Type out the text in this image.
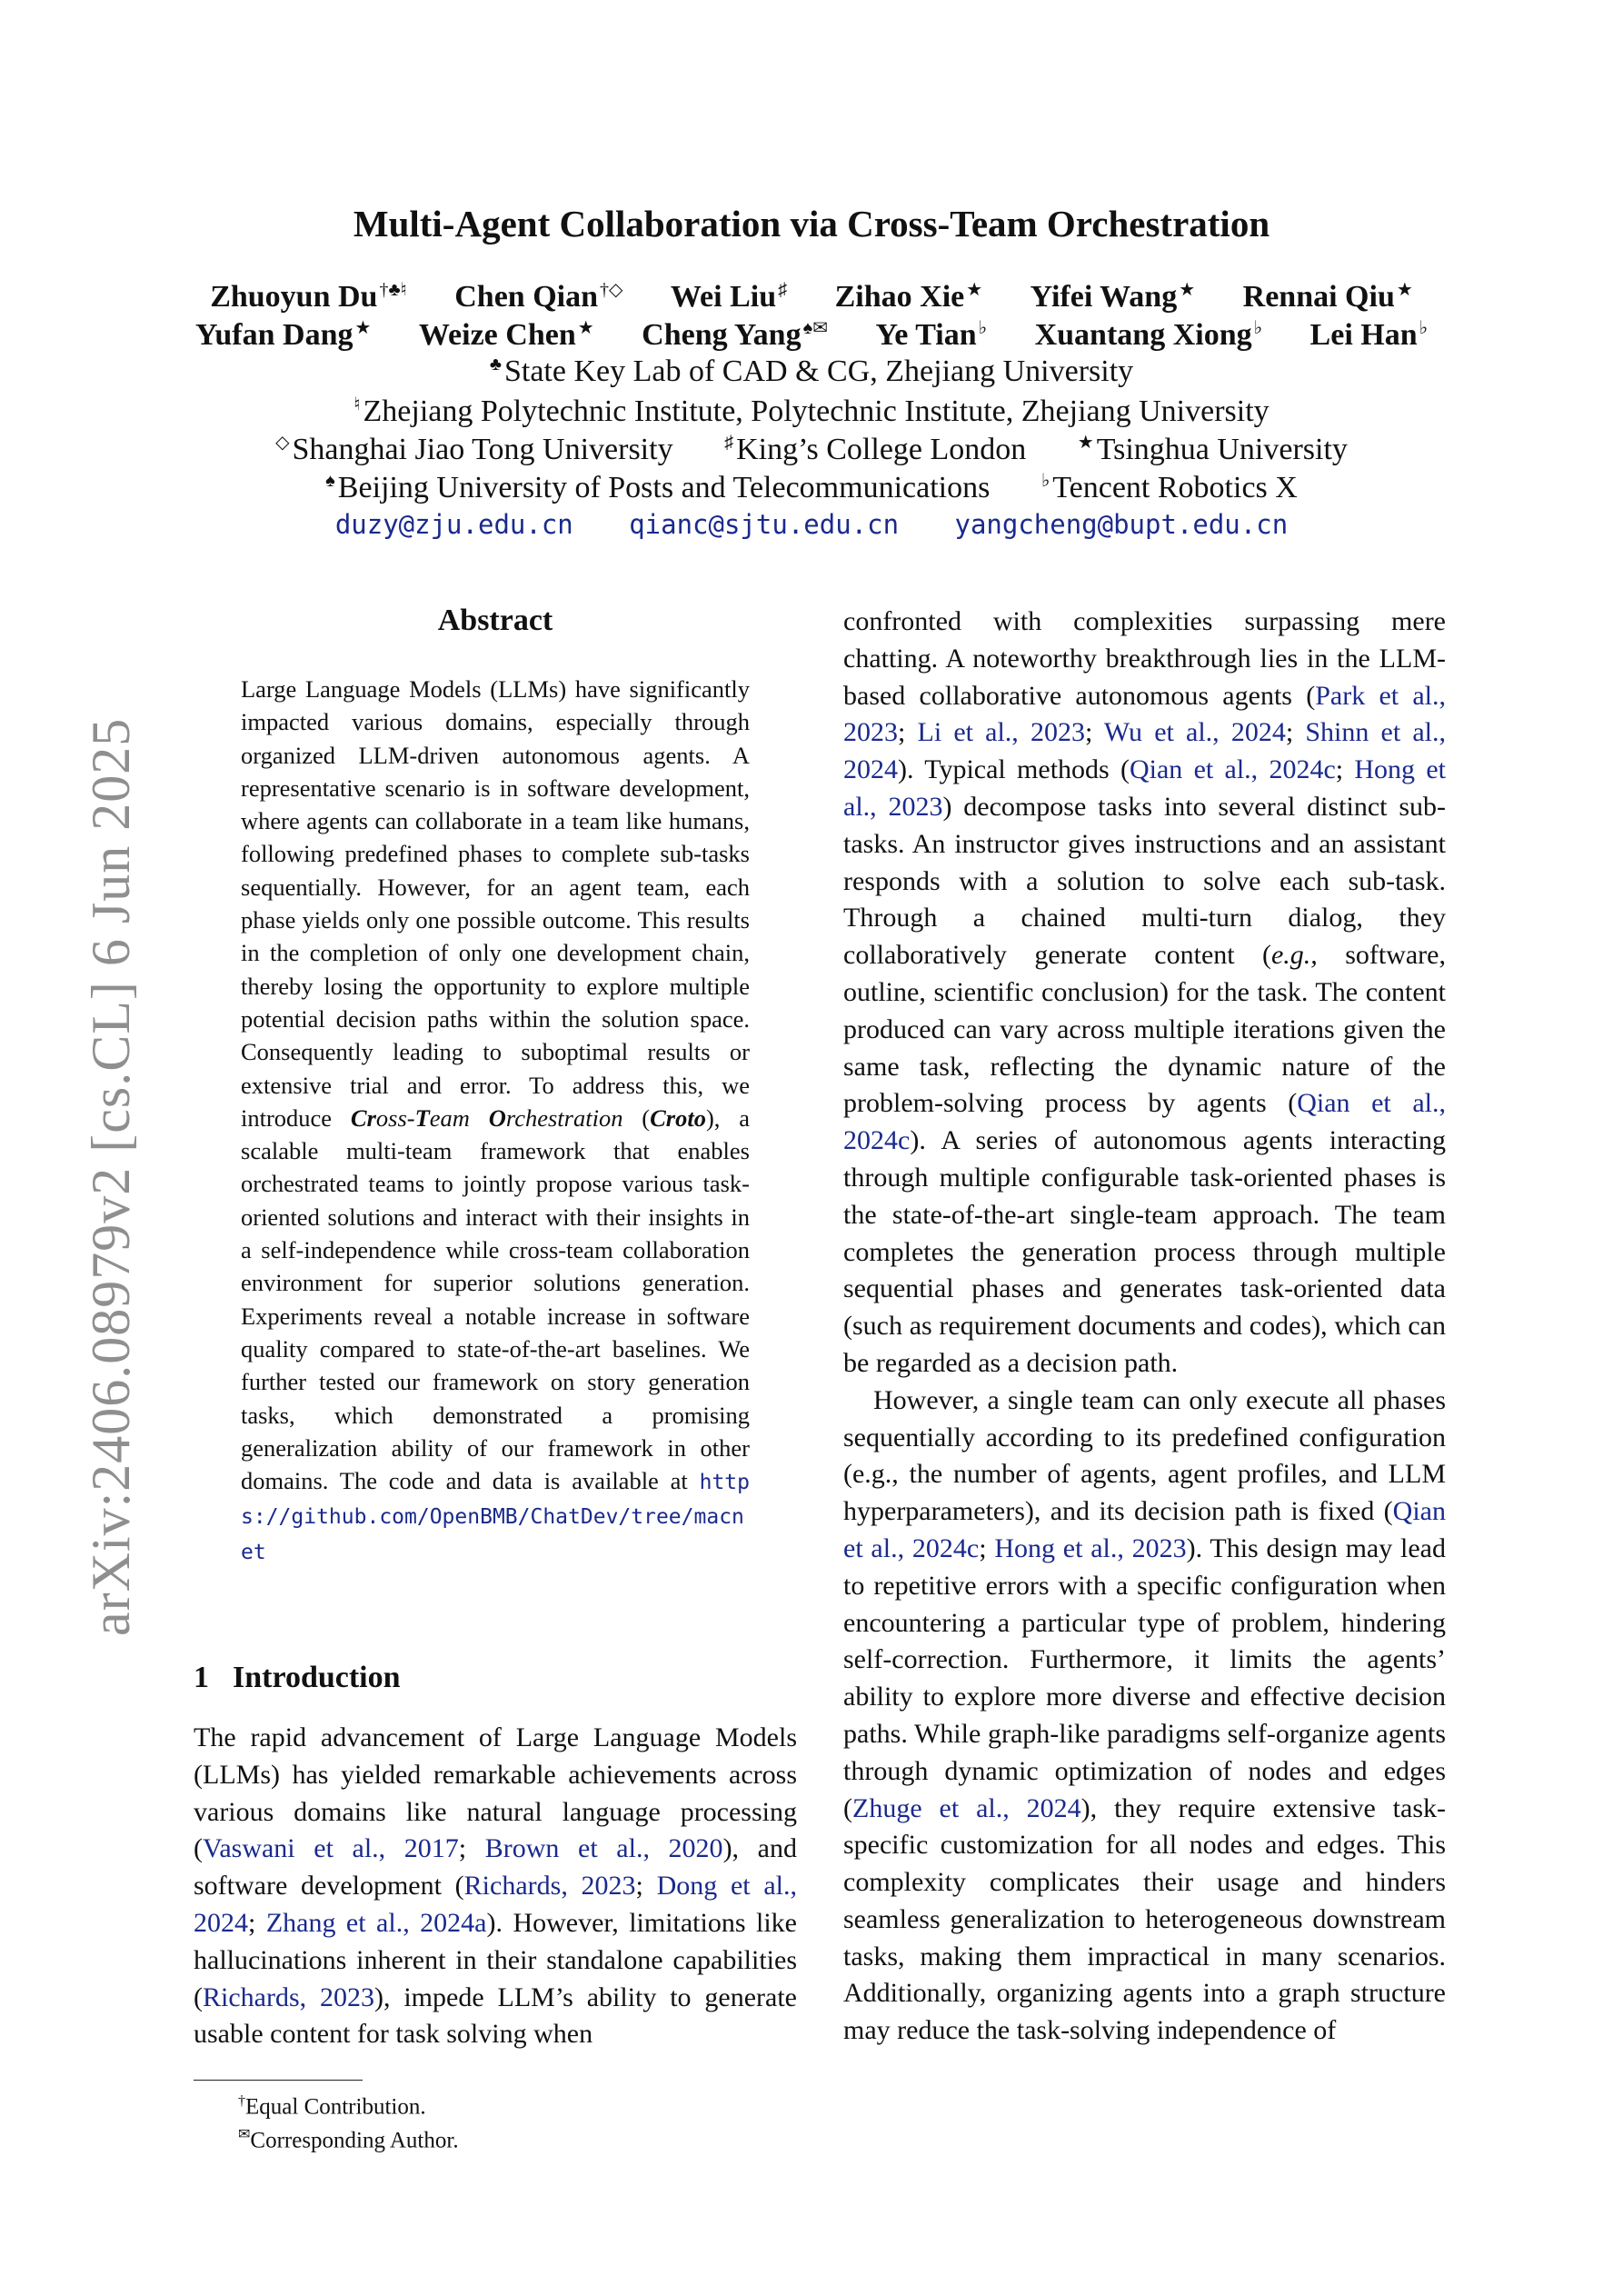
arXiv:2406.08979v2 [cs.CL] 6 Jun 2025
Multi-Agent Collaboration via Cross-Team Orchestration
Zhuoyun Du †♣♮ Chen Qian †◇ Wei Liu ♯ Zihao Xie ★ Yifei Wang ★ Rennai Qiu ★
Yufan Dang ★ Weize Chen ★ Cheng Yang ♠✉ Ye Tian ♭ Xuantang Xiong ♭ Lei Han ♭
♣State Key Lab of CAD & CG, Zhejiang University
♮Zhejiang Polytechnic Institute, Polytechnic Institute, Zhejiang University
◇Shanghai Jiao Tong University	♯King’s College London	★Tsinghua University
♠Beijing University of Posts and Telecommunications	♭Tencent Robotics X
duzy@zju.edu.cn qianc@sjtu.edu.cn yangcheng@bupt.edu.cn
Abstract
Large Language Models (LLMs) have significantly impacted various domains, especially through organized LLM-driven autonomous agents. A representative scenario is in software development, where agents can collaborate in a team like humans, following predefined phases to complete sub-tasks sequentially. However, for an agent team, each phase yields only one possible outcome. This results in the completion of only one development chain, thereby losing the opportunity to explore multiple potential decision paths within the solution space. Consequently leading to suboptimal results or extensive trial and error. To address this, we introduce Cross-Team Orchestration (Croto), a scalable multi-team framework that enables orchestrated teams to jointly propose various task-oriented solutions and interact with their insights in a self-independence while cross-team collaboration environment for superior solutions generation. Experiments reveal a notable increase in software quality compared to state-of-the-art baselines. We further tested our framework on story generation tasks, which demonstrated a promising generalization ability of our framework in other domains. The code and data is available at https://github.com/OpenBMB/ChatDev/tree/macnet
1 Introduction

The rapid advancement of Large Language Models (LLMs) has yielded remarkable achievements across various domains like natural language processing (Vaswani et al., 2017; Brown et al., 2020), and software development (Richards, 2023; Dong et al., 2024; Zhang et al., 2024a). However, limitations like hallucinations inherent in their standalone capabilities (Richards, 2023), impede LLM’s ability to generate usable content for task solving when

†Equal Contribution.
✉Corresponding Author.

confronted with complexities surpassing mere chatting. A noteworthy breakthrough lies in the LLM-based collaborative autonomous agents (Park et al., 2023; Li et al., 2023; Wu et al., 2024; Shinn et al., 2024). Typical methods (Qian et al., 2024c; Hong et al., 2023) decompose tasks into several distinct sub-tasks. An instructor gives instructions and an assistant responds with a solution to solve each sub-task. Through a chained multi-turn dialog, they collaboratively generate content (e.g., software, outline, scientific conclusion) for the task. The content produced can vary across multiple iterations given the same task, reflecting the dynamic nature of the problem-solving process by agents (Qian et al., 2024c). A series of autonomous agents interacting through multiple configurable task-oriented phases is the state-of-the-art single-team approach. The team completes the generation process through multiple sequential phases and generates task-oriented data (such as requirement documents and codes), which can be regarded as a decision path.

However, a single team can only execute all phases sequentially according to its predefined configuration (e.g., the number of agents, agent profiles, and LLM hyperparameters), and its decision path is fixed (Qian et al., 2024c; Hong et al., 2023). This design may lead to repetitive errors with a specific configuration when encountering a particular type of problem, hindering self-correction. Furthermore, it limits the agents’ ability to explore more diverse and effective decision paths. While graph-like paradigms self-organize agents through dynamic optimization of nodes and edges (Zhuge et al., 2024), they require extensive task-specific customization for all nodes and edges. This complexity complicates their usage and hinders seamless generalization to heterogeneous downstream tasks, making them impractical in many scenarios. Additionally, organizing agents into a graph structure may reduce the task-solving independence of
